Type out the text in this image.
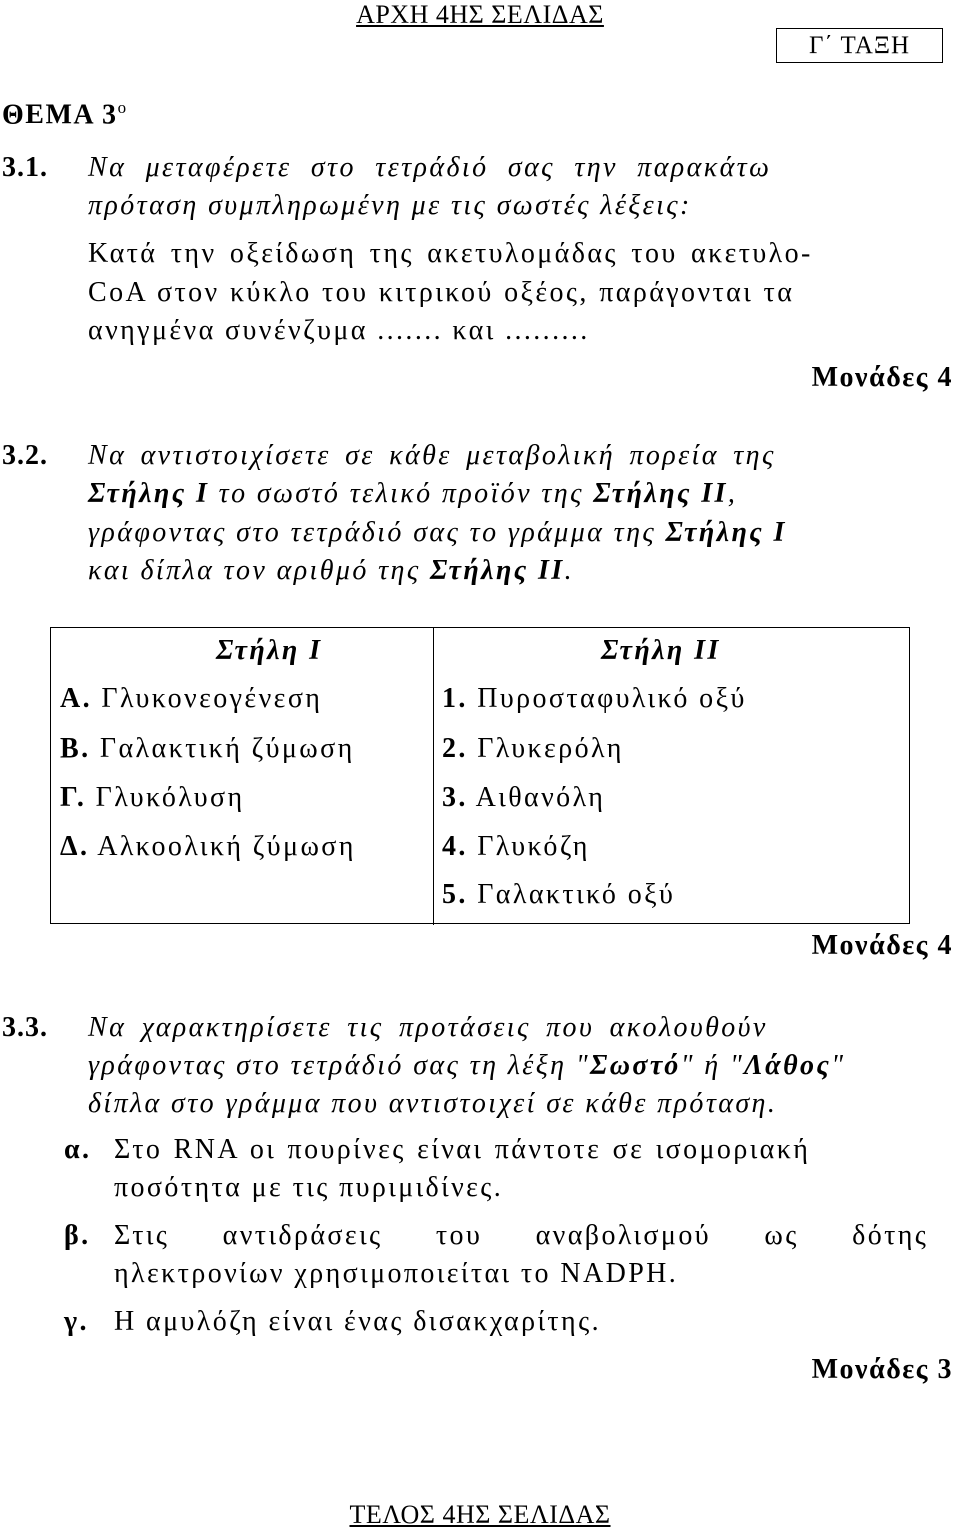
ΑΡΧΗ 4ΗΣ ΣΕΛΙΔΑΣ
Γ΄ ΤΑΞΗ
ΘΕΜΑ $3^o$
3.1. Να μεταφέρετε στο τετράδιό σας την παρακάτω
πρόταση συμπληρωμένη με τις σωστές λέξεις:
Κατά την οξείδωση της ακετυλομάδας του ακετυλο-
CoA στον κύκλο του κιτρικού οξέος, παράγονται τα
ανηγμένα συνένζυμα ....... και .........
Μονάδες 4
3.2. Να αντιστοιχίσετε σε κάθε μεταβολική πορεία της
Στήλης Ι το σωστό τελικό προϊόν της Στήλης ΙΙ,
γράφοντας στο τετράδιό σας το γράμμα της Στήλης Ι
και δίπλα τον αριθμό της Στήλης ΙΙ.
Στήλη Ι	Στήλη ΙΙ
Α. Γλυκονεογένεση
Β. Γαλακτική ζύμωση
Γ. Γλυκόλυση
Δ. Αλκοολική ζύμωση
1. Πυροσταφυλικό οξύ
2. Γλυκερόλη
3. Αιθανόλη
4. Γλυκόζη
5. Γαλακτικό οξύ
Μονάδες 4
3.3. Να χαρακτηρίσετε τις προτάσεις που ακολουθούν
γράφοντας στο τετράδιό σας τη λέξη "Σωστό" ή "Λάθος"
δίπλα στο γράμμα που αντιστοιχεί σε κάθε πρόταση.
α. Στο RNA οι πουρίνες είναι πάντοτε σε ισομοριακή
ποσότητα με τις πυριμιδίνες.
β. Στις αντιδράσεις του αναβολισμού ως δότης
ηλεκτρονίων χρησιμοποιείται το NADPH.
γ. Η αμυλόζη είναι ένας δισακχαρίτης.
Μονάδες 3
ΤΕΛΟΣ 4ΗΣ ΣΕΛΙΔΑΣ
